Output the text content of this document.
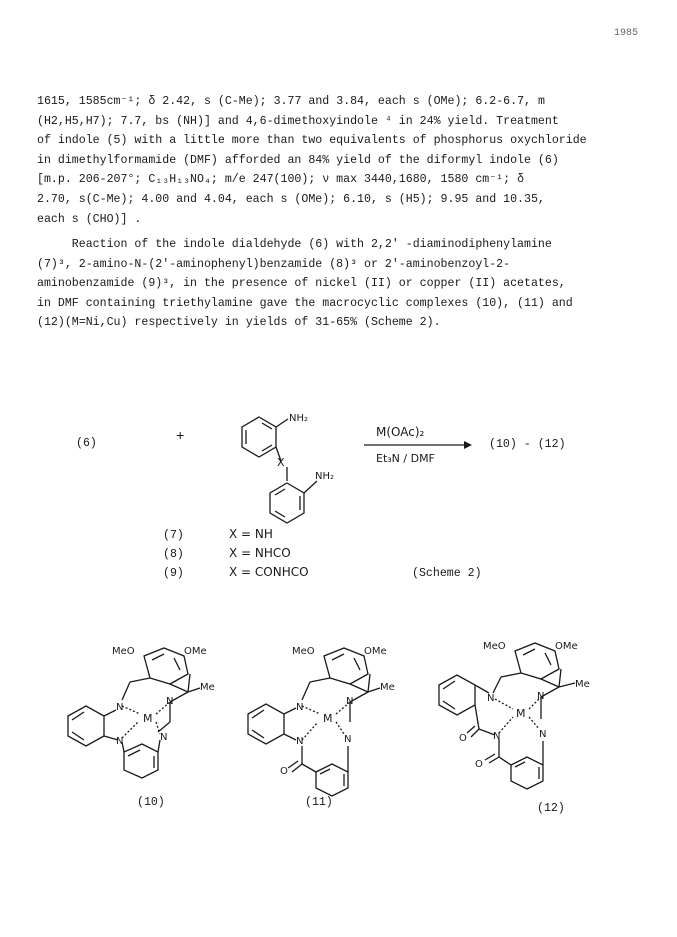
1985

1615, 1585cm⁻¹; δ 2.42, s (C-Me); 3.77 and 3.84, each s (OMe); 6.2-6.7, m

(H2,H5,H7); 7.7, bs (NH)] and 4,6-dimethoxyindole ⁴ in 24% yield. Treatment

of indole (5) with a little more than two equivalents of phosphorus oxychloride

in dimethylformamide (DMF) afforded an 84% yield of the diformyl indole (6)

[m.p. 206-207°; C₁₃H₁₃NO₄; m/e 247(100); ν max 3440,1680, 1580 cm⁻¹; δ

2.70, s(C-Me); 4.00 and 4.04, each s (OMe); 6.10, s (H5); 9.95 and 10.35,

each s (CHO)] .

Reaction of the indole dialdehyde (6) with 2,2′ -diaminodiphenylamine

(7)³, 2-amino-N-(2′-aminophenyl)benzamide (8)³ or 2′-aminobenzoyl-2-

aminobenzamide (9)³, in the presence of nickel (II) or copper (II) acetates,

in DMF containing triethylamine gave the macrocyclic complexes (10), (11) and

(12)(M=Ni,Cu) respectively in yields of 31-65% (Scheme 2).

(6)	+
NH₂
X
NH₂
M(OAc)₂
Et₃N / DMF
(10) - (12)
(7)	X = NH
(8)	X = NHCO
(9)	X = CONHCO	(Scheme 2)
MeO	OMe
Me
N
N
M
N	N
(10)
MeO	OMe
Me
N
N
M
N	N
O
(11)
MeO	OMe
Me
N	N
M
N	N
O
O
(12)
